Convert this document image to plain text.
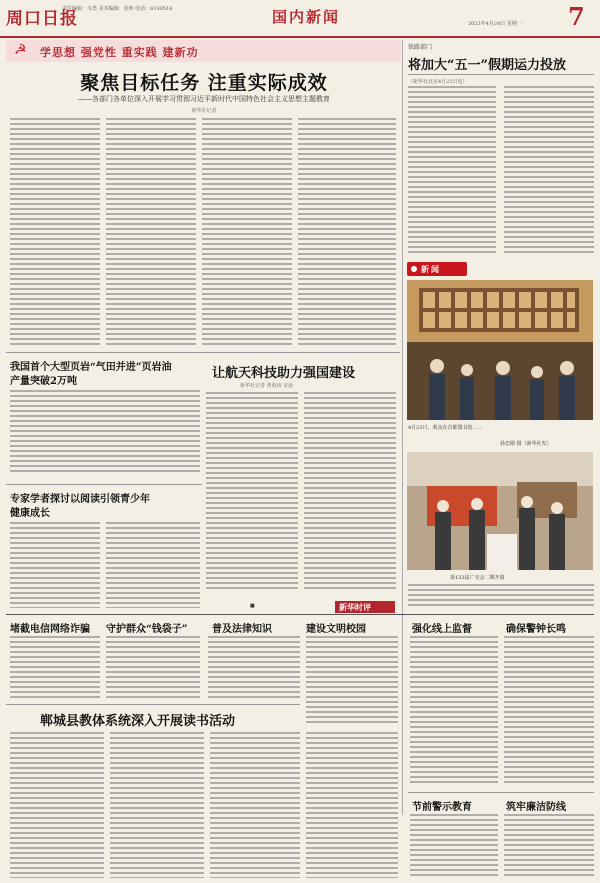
周口日报
责任编辑：韦勇 美术编辑：张坤 电话：6199516	国内新闻	2023年4月24日 星期一 7
☭ 学思想 强党性 重实践 建新功
聚焦目标任务 注重实际成效
——各部门各单位深入开展学习贯彻习近平新时代中国特色社会主义思想主题教育
新华社记者
铁路部门
将加大“五一”假期运力投放
（新华社北京4月22日电）
新闻
4月23日，观众在首都图书馆……
孙忠刚 摄（新华社发）
我国首个大型页岩“气田并进”页岩油
产量突破2万吨
让航天科技助力强国建设
新华社记者 黄海涛 宋晨
■	新华时评
专家学者探讨以阅读引领青少年
健康成长
第133届广交会二期开幕
堵截电信网络诈骗 守护群众“钱袋子” 普及法律知识	建设文明校园	强化线上监督	确保警钟长鸣
郸城县教体系统深入开展读书活动
节前警示教育	筑牢廉洁防线
